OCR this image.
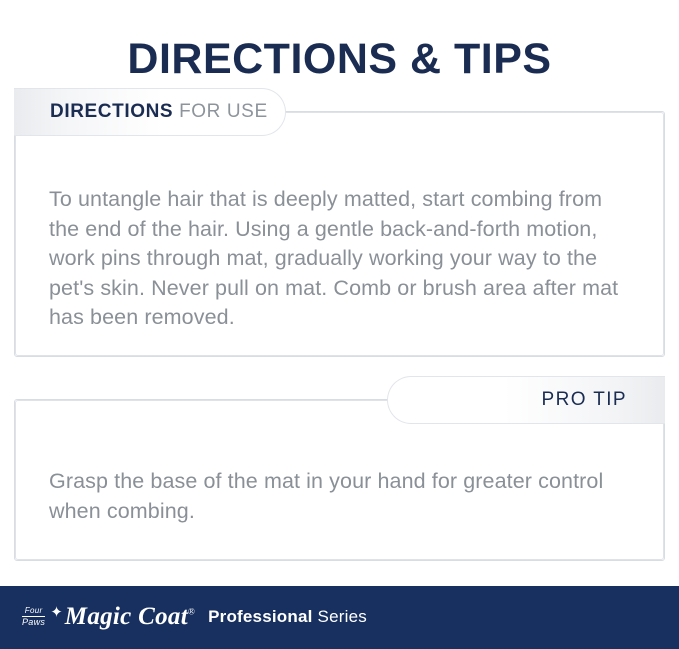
DIRECTIONS & TIPS
DIRECTIONS FOR USE

To untangle hair that is deeply matted, start combing from the end of the hair. Using a gentle back-and-forth motion, work pins through mat, gradually working your way to the pet's skin. Never pull on mat. Comb or brush area after mat has been removed.

PRO TIP

Grasp the base of the mat in your hand for greater control when combing.

Four
Paws
✦ Magic Coat® Professional Series
